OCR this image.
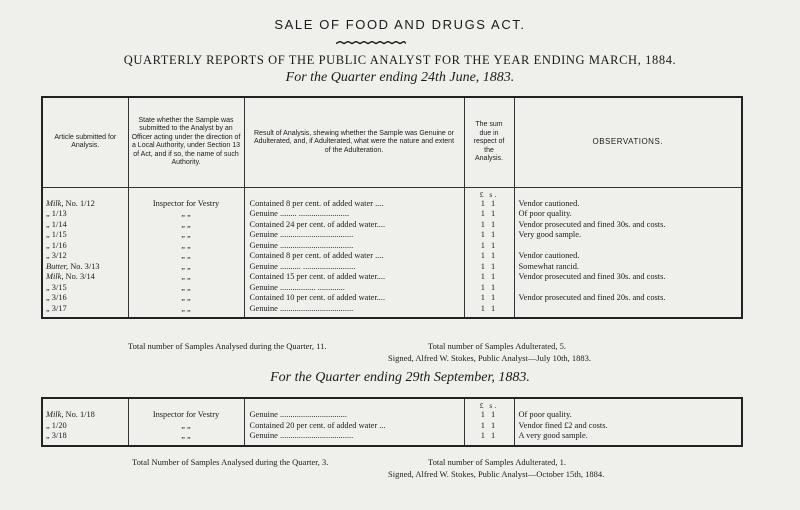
SALE OF FOOD AND DRUGS ACT.
QUARTERLY REPORTS OF THE PUBLIC ANALYST FOR THE YEAR ENDING MARCH, 1884.
For the Quarter ending 24th June, 1883.
Article submitted for Analysis.	State whether the Sample was submitted to the Analyst by an Officer acting under the direction of a Local Authority, under Section 13 of Act, and if so, the name of such Authority.	Result of Analysis, shewing whether the Sample was Genuine or Adulterated, and, if Adulterated, what were the nature and extent of the Adulteration.	The sum due in respect of the Analysis.	OBSERVATIONS.
			£ s.	
Milk, No. 1/12	Inspector for Vestry	Contained 8 per cent. of added water ....	1 1	Vendor cautioned.
„ 1/13	„ „	Genuine ........ ........................	1 1	Of poor quality.
„ 1/14	„ „	Contained 24 per cent. of added water....	1 1	Vendor prosecuted and fined 30s. and costs.
„ 1/15	„ „	Genuine ...................................	1 1	Very good sample.
„ 1/16	„ „	Genuine ...................................	1 1	
„ 3/12	„ „	Contained 8 per cent. of added water ....	1 1	Vendor cautioned.
Butter, No. 3/13	„ „	Genuine .......... .........................	1 1	Somewhat rancid.
Milk, No. 3/14	„ „	Contained 15 per cent. of added water....	1 1	Vendor prosecuted and fined 30s. and costs.
„ 3/15	„ „	Genuine ................. .............	1 1	
„ 3/16	„ „	Contained 10 per cent. of added water....	1 1	Vendor prosecuted and fined 20s. and costs.
„ 3/17	„ „	Genuine ...................................	1 1	

Total number of Samples Analysed during the Quarter, 11.	Total number of Samples Adulterated, 5.
Signed, Alfred W. Stokes, Public Analyst—July 10th, 1883.
For the Quarter ending 29th September, 1883.
			£ s.	
Milk, No. 1/18	Inspector for Vestry	Genuine ................................	1 1	Of poor quality.
„ 1/20	„ „	Contained 20 per cent. of added water ...	1 1	Vendor fined £2 and costs.
„ 3/18	„ „	Genuine ...................................	1 1	A very good sample.

Total Number of Samples Analysed during the Quarter, 3.	Total number of Samples Adulterated, 1.
Signed, Alfred W. Stokes, Public Analyst—October 15th, 1884.
